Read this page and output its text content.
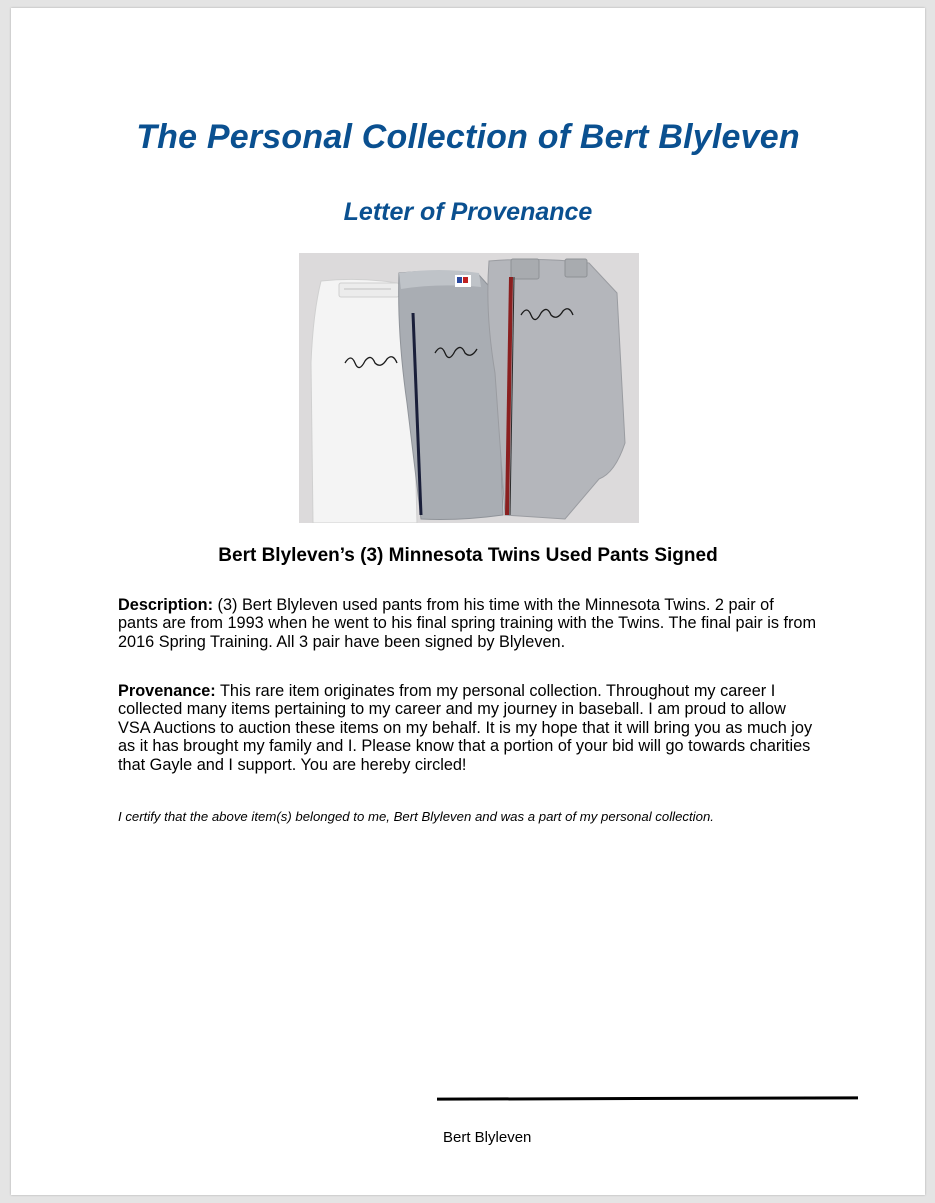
The Personal Collection of Bert Blyleven
Letter of Provenance
Bert Blyleven’s (3) Minnesota Twins Used Pants Signed

Description: (3) Bert Blyleven used pants from his time with the Minnesota Twins. 2 pair of pants are from 1993 when he went to his final spring training with the Twins. The final pair is from 2016 Spring Training. All 3 pair have been signed by Blyleven.

Provenance: This rare item originates from my personal collection. Throughout my career I collected many items pertaining to my career and my journey in baseball. I am proud to allow VSA Auctions to auction these items on my behalf. It is my hope that it will bring you as much joy as it has brought my family and I. Please know that a portion of your bid will go towards charities that Gayle and I support. You are hereby circled!

I certify that the above item(s) belonged to me, Bert Blyleven and was a part of my personal collection.
Bert Blyleven
